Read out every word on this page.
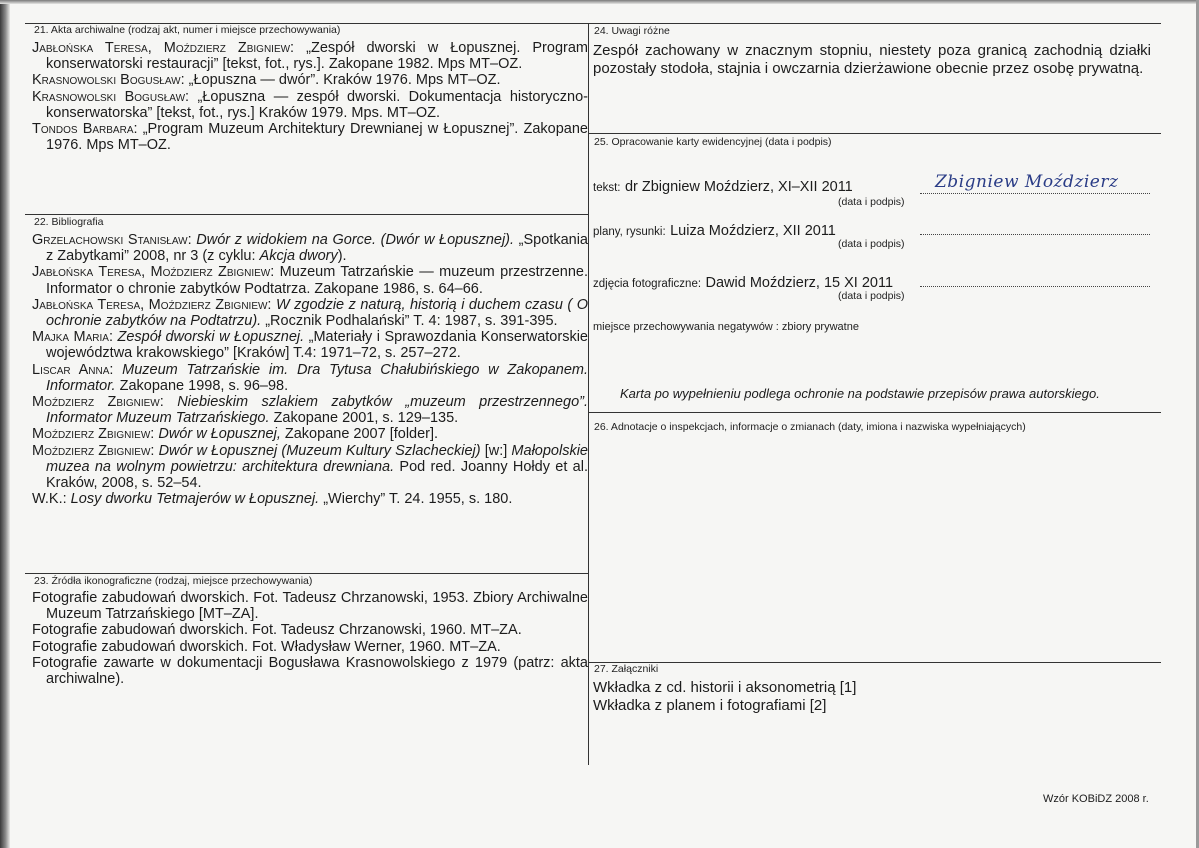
21. Akta archiwalne (rodzaj akt, numer i miejsce przechowywania)

Jabłońska Teresa, Moździerz Zbigniew: „Zespół dworski w Łopusznej. Program konserwatorski restauracji” [tekst, fot., rys.]. Zakopane 1982. Mps MT–OZ.

Krasnowolski Bogusław: „Łopuszna — dwór”. Kraków 1976. Mps MT–OZ.

Krasnowolski Bogusław: „Łopuszna — zespół dworski. Dokumentacja historyczno-konserwatorska” [tekst, fot., rys.] Kraków 1979. Mps. MT–OZ.

Tondos Barbara: „Program Muzeum Architektury Drewnianej w Łopusznej”. Zakopane 1976. Mps MT–OZ.

22. Bibliografia

Grzelachowski Stanisław: Dwór z widokiem na Gorce. (Dwór w Łopusznej). „Spotkania z Zabytkami” 2008, nr 3 (z cyklu: Akcja dwory).

Jabłońska Teresa, Moździerz Zbigniew: Muzeum Tatrzańskie — muzeum przestrzenne. Informator o chronie zabytków Podtatrza. Zakopane 1986, s. 64–66.

Jabłońska Teresa, Moździerz Zbigniew: W zgodzie z naturą, historią i duchem czasu ( O ochronie zabytków na Podtatrzu). „Rocznik Podhalański” T. 4: 1987, s. 391-395.

Majka Maria: Zespół dworski w Łopusznej. „Materiały i Sprawozdania Konserwatorskie województwa krakowskiego” [Kraków] T.4: 1971–72, s. 257–272.

Liscar Anna: Muzeum Tatrzańskie im. Dra Tytusa Chałubińskiego w Zakopanem. Informator. Zakopane 1998, s. 96–98.

Moździerz Zbigniew: Niebieskim szlakiem zabytków „muzeum przestrzennego”. Informator Muzeum Tatrzańskiego. Zakopane 2001, s. 129–135.

Moździerz Zbigniew: Dwór w Łopusznej, Zakopane 2007 [folder].

Moździerz Zbigniew: Dwór w Łopusznej (Muzeum Kultury Szlacheckiej) [w:] Małopolskie muzea na wolnym powietrzu: architektura drewniana. Pod red. Joanny Hołdy et al. Kraków, 2008, s. 52–54.

W.K.: Losy dworku Tetmajerów w Łopusznej. „Wierchy” T. 24. 1955, s. 180.

23. Źródła ikonograficzne (rodzaj, miejsce przechowywania)

Fotografie zabudowań dworskich. Fot. Tadeusz Chrzanowski, 1953. Zbiory Archiwalne Muzeum Tatrzańskiego [MT–ZA].

Fotografie zabudowań dworskich. Fot. Tadeusz Chrzanowski, 1960. MT–ZA.

Fotografie zabudowań dworskich. Fot. Władysław Werner, 1960. MT–ZA.

Fotografie zawarte w dokumentacji Bogusława Krasnowolskiego z 1979 (patrz: akta archiwalne).

24. Uwagi różne
Zespół zachowany w znacznym stopniu, niestety poza granicą zachodnią działki pozostały stodoła, stajnia i owczarnia dzierżawione obecnie przez osobę prywatną.
25. Opracowanie karty ewidencyjnej (data i podpis)
tekst: dr Zbigniew Moździerz, XI–XII 2011
(data i podpis)
Zbigniew Moździerz
plany, rysunki: Luiza Moździerz, XII 2011
(data i podpis)
zdjęcia fotograficzne: Dawid Moździerz, 15 XI 2011
(data i podpis)
miejsce przechowywania negatywów : zbiory prywatne
Karta po wypełnieniu podlega ochronie na podstawie przepisów prawa autorskiego.
26. Adnotacje o inspekcjach, informacje o zmianach (daty, imiona i nazwiska wypełniających)
27. Załączniki
Wkładka z cd. historii i aksonometrią [1]
Wkładka z planem i fotografiami [2]
Wzór KOBiDZ 2008 r.
